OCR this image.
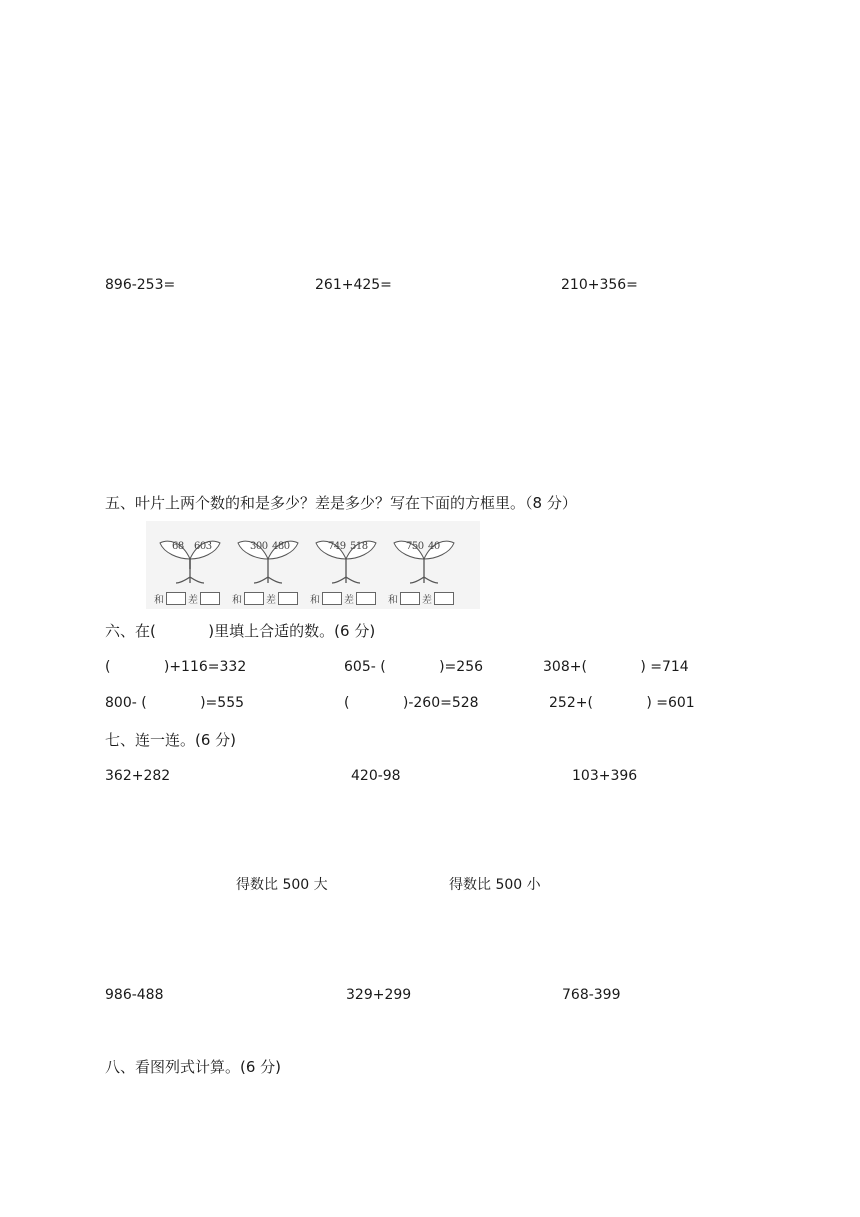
896-253=	261+425=	210+356=
五、叶片上两个数的和是多少？差是多少？写在下面的方框里。（8 分）
68 603
和 差
300 480
和 差
749 518
和 差
750 40
和 差
六、在(           )里填上合适的数。(6 分)
(            )+116=332	605- (            )=256	308+(            ) =714
800- (            )=555	(            )-260=528	252+(            ) =601
七、连一连。(6 分)
362+282	420-98	103+396
得数比 500 大	得数比 500 小
986-488	329+299	768-399
八、看图列式计算。(6 分)
